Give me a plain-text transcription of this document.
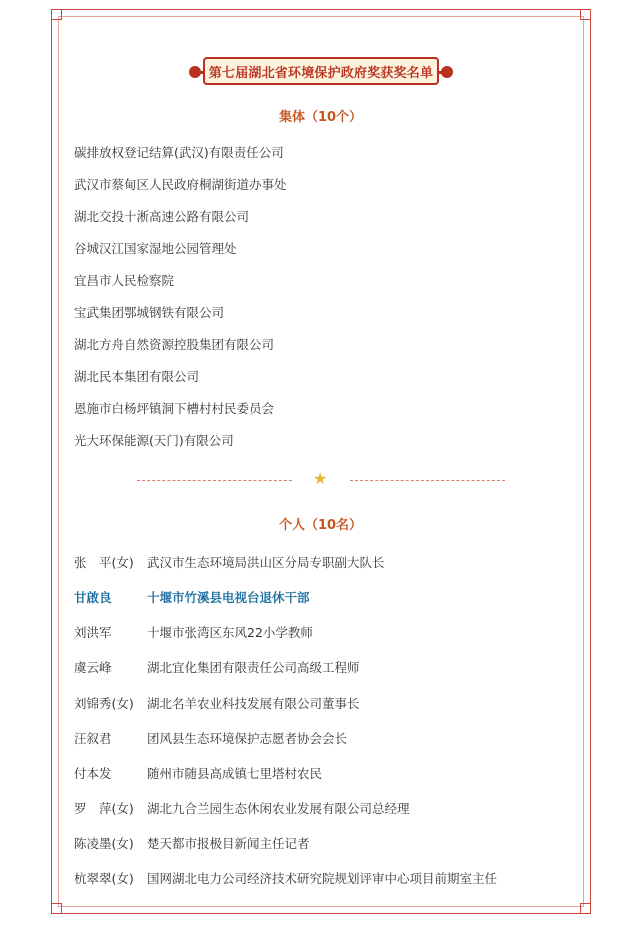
第七届湖北省环境保护政府奖获奖名单
集体（10个）
碳排放权登记结算(武汉)有限责任公司
武汉市蔡甸区人民政府桐湖街道办事处
湖北交投十淅高速公路有限公司
谷城汉江国家湿地公园管理处
宜昌市人民检察院
宝武集团鄂城钢铁有限公司
湖北方舟自然资源控股集团有限公司
湖北民本集团有限公司
恩施市白杨坪镇洞下槽村村民委员会
光大环保能源(天门)有限公司
★
个人（10名）
张　平(女) 武汉市生态环境局洪山区分局专职副大队长
甘啟良	十堰市竹溪县电视台退休干部
刘洪军	十堰市张湾区东风22小学教师
虞云峰	湖北宜化集团有限责任公司高级工程师
刘锦秀(女) 湖北名羊农业科技发展有限公司董事长
汪叙君	团风县生态环境保护志愿者协会会长
付本发	随州市随县高成镇七里塔村农民
罗　萍(女) 湖北九合兰园生态休闲农业发展有限公司总经理
陈凌墨(女) 楚天都市报极目新闻主任记者
杭翠翠(女) 国网湖北电力公司经济技术研究院规划评审中心项目前期室主任
